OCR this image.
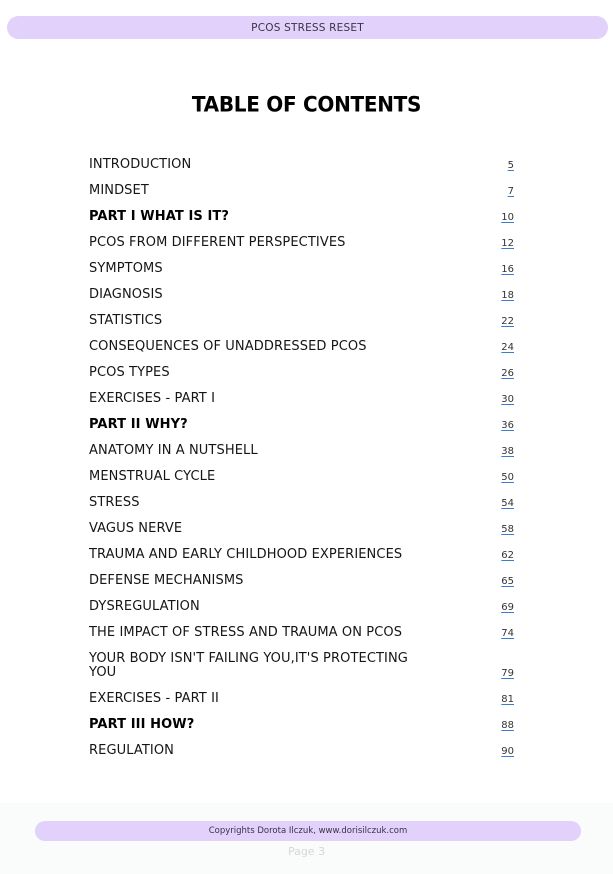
PCOS STRESS RESET
TABLE OF CONTENTS
INTRODUCTION	5
MINDSET	7
PART I WHAT IS IT?	10
PCOS FROM DIFFERENT PERSPECTIVES	12
SYMPTOMS	16
DIAGNOSIS	18
STATISTICS	22
CONSEQUENCES OF UNADDRESSED PCOS	24
PCOS TYPES	26
EXERCISES - PART I	30
PART II WHY?	36
ANATOMY IN A NUTSHELL	38
MENSTRUAL CYCLE	50
STRESS	54
VAGUS NERVE	58
TRAUMA AND EARLY CHILDHOOD EXPERIENCES	62
DEFENSE MECHANISMS	65
DYSREGULATION	69
THE IMPACT OF STRESS AND TRAUMA ON PCOS	74
YOUR BODY ISN'T FAILING YOU,IT'S PROTECTING YOU	79
EXERCISES - PART II	81
PART III HOW?	88
REGULATION	90
Copyrights Dorota Ilczuk, www.dorisilczuk.com
Page 3
